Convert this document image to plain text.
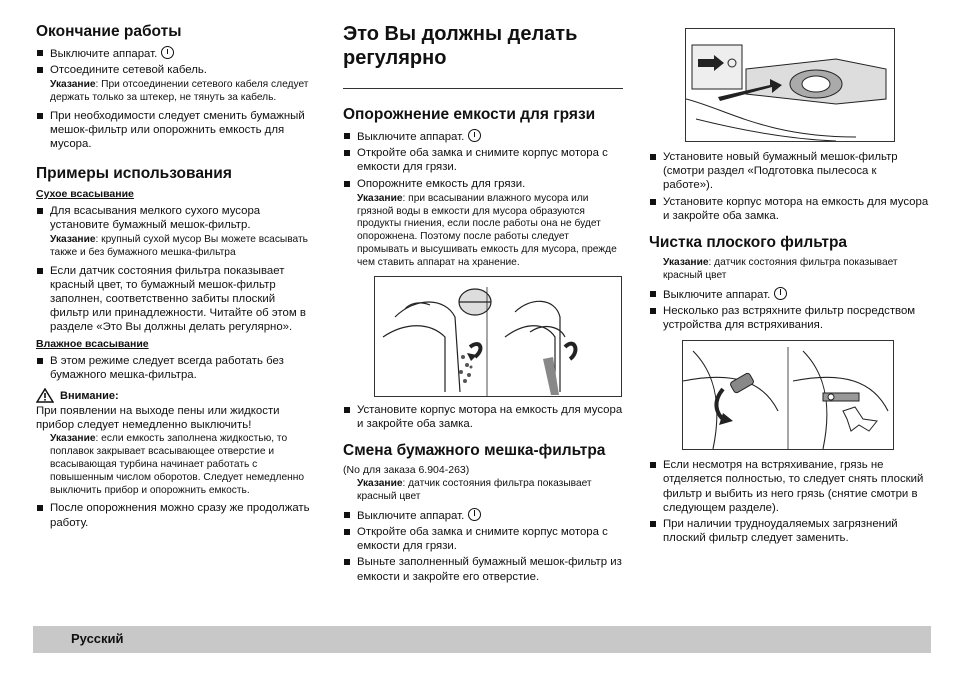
Окончание работы
Выключите аппарат.
Отсоедините сетевой кабель.
Указание: При отсоединении сетевого кабеля следует держать только за штекер, не тянуть за кабель.
При необходимости следует сменить бумажный мешок-фильтр или опорожнить емкость для мусора.
Примеры использования
Сухое всасывание
Для всасывания мелкого сухого мусора установите бумажный мешок-фильтр.
Указание: крупный сухой мусор Вы можете всасывать также и без бумажного мешка-фильтра
Если датчик состояния фильтра показывает красный цвет, то бумажный мешок-фильтр заполнен, соответственно забиты плоский фильтр или принадлежности. Читайте об этом в разделе «Это Вы должны делать регулярно».
Влажное всасывание
В этом режиме следует всегда работать без бумажного мешка-фильтра.
Внимание:
При появлении на выходе пены или жидкости прибор следует немедленно выключить!
Указание: если емкость заполнена жидкостью, то поплавок закрывает всасывающее отверстие и всасывающая турбина начинает работать с повышенным числом оборотов. Следует немедленно выключить прибор и опорожнить емкость.
После опорожнения можно сразу же продолжать работу.
Это Вы должны делать регулярно
Опорожнение емкости для грязи
Выключите аппарат.
Откройте оба замка и снимите корпус мотора с емкости для грязи.
Опорожните емкость для грязи.
Указание: при всасывании влажного мусора или грязной воды в емкости для мусора образуются продукты гниения, если после работы она не будет опорожнена. Поэтому после работы следует промывать и высушивать емкость для мусора, прежде чем ставить аппарат на хранение.
Установите корпус мотора на емкость для мусора и закройте оба замка.
Смена бумажного мешка-фильтра
(No для заказа 6.904-263)
Указание: датчик состояния фильтра показывает красный цвет
Выключите аппарат.
Откройте оба замка и снимите корпус мотора с емкости для грязи.
Выньте заполненный бумажный мешок-фильтр из емкости и закройте его отверстие.
Установите новый бумажный мешок-фильтр (смотри раздел «Подготовка пылесоса к работе»).
Установите корпус мотора на емкость для мусора и закройте оба замка.
Чистка плоского фильтра
Указание: датчик состояния фильтра показывает красный цвет
Выключите аппарат.
Несколько раз встряхните фильтр посредством устройства для встряхивания.
Если несмотря на встряхивание, грязь не отделяется полностью, то следует снять плоский фильтр и выбить из него грязь (снятие смотри в следующем разделе).
При наличии трудноудаляемых загрязнений плоский фильтр следует заменить.
Русский
